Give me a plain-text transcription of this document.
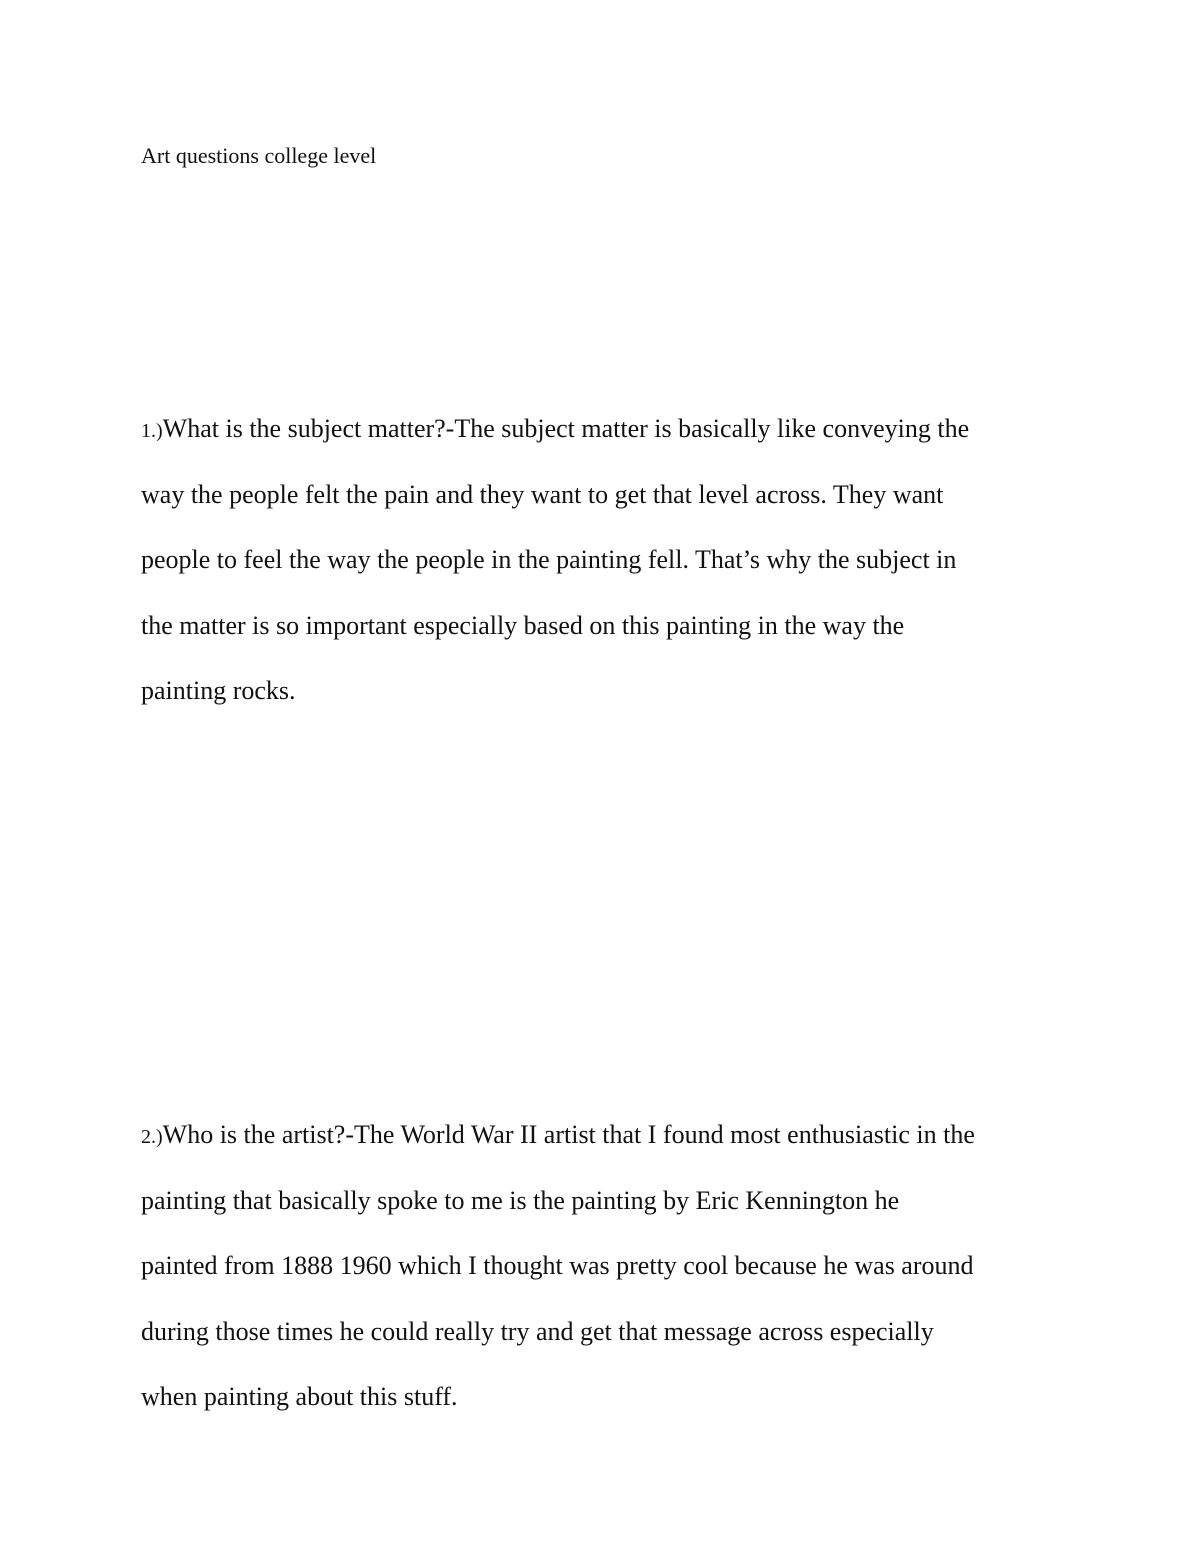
Art questions college level
1.)What is the subject matter?-The subject matter is basically like conveying the
way the people felt the pain and they want to get that level across. They want
people to feel the way the people in the painting fell. That’s why the subject in
the matter is so important especially based on this painting in the way the
painting rocks.
2.)Who is the artist?-The World War II artist that I found most enthusiastic in the
painting that basically spoke to me is the painting by Eric Kennington he
painted from 1888 1960 which I thought was pretty cool because he was around
during those times he could really try and get that message across especially
when painting about this stuff.
